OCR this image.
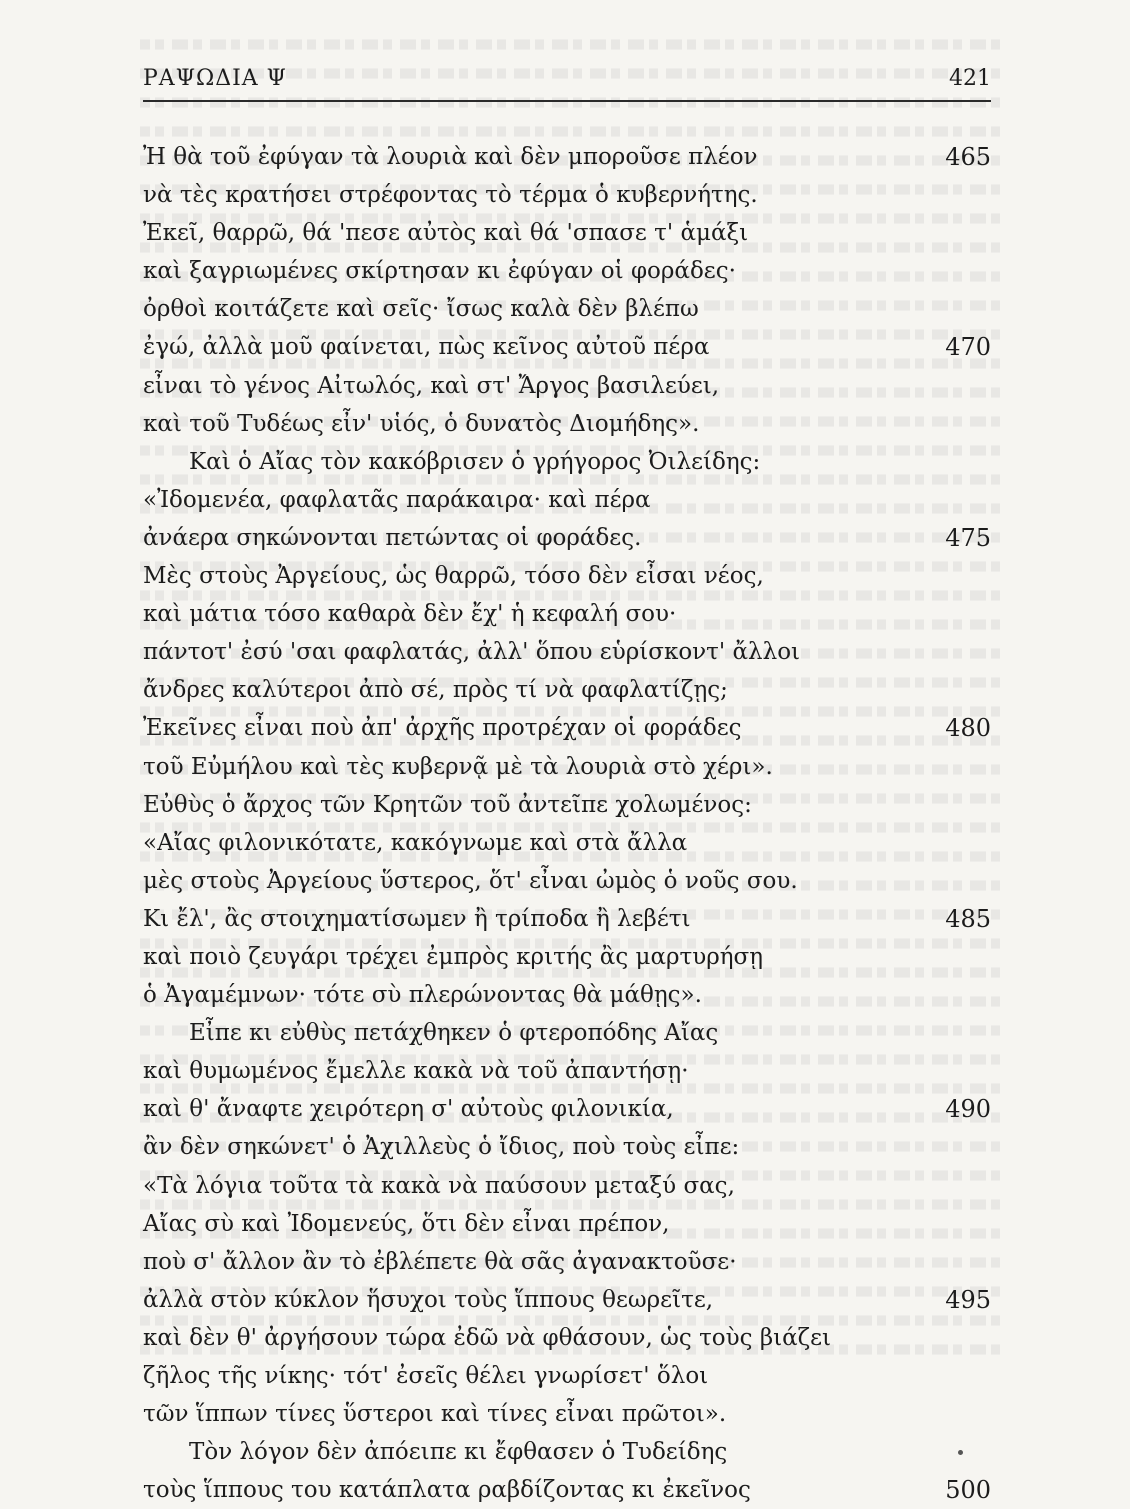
ΡΑΨΩΔΙΑ Ψ	421
Ἠ θὰ τοῦ ἐφύγαν τὰ λουριὰ καὶ δὲν μποροῦσε πλέον	465
νὰ τὲς κρατήσει στρέφοντας τὸ τέρμα ὁ κυβερνήτης.
Ἐκεῖ, θαρρῶ, θά 'πεσε αὐτὸς καὶ θά 'σπασε τ' ἁμάξι
καὶ ξαγριωμένες σκίρτησαν κι ἐφύγαν οἱ φοράδες·
ὀρθοὶ κοιτάζετε καὶ σεῖς· ἴσως καλὰ δὲν βλέπω
ἐγώ, ἀλλὰ μοῦ φαίνεται, πὼς κεῖνος αὐτοῦ πέρα	470
εἶναι τὸ γένος Αἰτωλός, καὶ στ' Ἄργος βασιλεύει,
καὶ τοῦ Τυδέως εἶν' υἱός, ὁ δυνατὸς Διομήδης».
Καὶ ὁ Αἴας τὸν κακόβρισεν ὁ γρήγορος Ὀιλείδης:
«Ἰδομενέα, φαφλατᾶς παράκαιρα· καὶ πέρα
ἀνάερα σηκώνονται πετώντας οἱ φοράδες.	475
Μὲς στοὺς Ἀργείους, ὡς θαρρῶ, τόσο δὲν εἶσαι νέος,
καὶ μάτια τόσο καθαρὰ δὲν ἔχ' ἡ κεφαλή σου·
πάντοτ' ἐσύ 'σαι φαφλατάς, ἀλλ' ὅπου εὑρίσκοντ' ἄλλοι
ἄνδρες καλύτεροι ἀπὸ σέ, πρὸς τί νὰ φαφλατίζῃς;
Ἐκεῖνες εἶναι ποὺ ἀπ' ἀρχῆς προτρέχαν οἱ φοράδες	480
τοῦ Εὐμήλου καὶ τὲς κυβερνᾷ μὲ τὰ λουριὰ στὸ χέρι».
Εὐθὺς ὁ ἄρχος τῶν Κρητῶν τοῦ ἀντεῖπε χολωμένος:
«Αἴας φιλονικότατε, κακόγνωμε καὶ στὰ ἄλλα
μὲς στοὺς Ἀργείους ὕστερος, ὅτ' εἶναι ὠμὸς ὁ νοῦς σου.
Κι ἔλ', ἂς στοιχηματίσωμεν ἢ τρίποδα ἢ λεβέτι	485
καὶ ποιὸ ζευγάρι τρέχει ἐμπρὸς κριτής ἂς μαρτυρήσῃ
ὁ Ἀγαμέμνων· τότε σὺ πλερώνοντας θὰ μάθῃς».
Εἶπε κι εὐθὺς πετάχθηκεν ὁ φτεροπόδης Αἴας
καὶ θυμωμένος ἔμελλε κακὰ νὰ τοῦ ἀπαντήσῃ·
καὶ θ' ἄναφτε χειρότερη σ' αὐτοὺς φιλονικία,	490
ἂν δὲν σηκώνετ' ὁ Ἀχιλλεὺς ὁ ἴδιος, ποὺ τοὺς εἶπε:
«Τὰ λόγια τοῦτα τὰ κακὰ νὰ παύσουν μεταξύ σας,
Αἴας σὺ καὶ Ἰδομενεύς, ὅτι δὲν εἶναι πρέπον,
ποὺ σ' ἄλλον ἂν τὸ ἐβλέπετε θὰ σᾶς ἀγανακτοῦσε·
ἀλλὰ στὸν κύκλον ἥσυχοι τοὺς ἵππους θεωρεῖτε,	495
καὶ δὲν θ' ἀργήσουν τώρα ἐδῶ νὰ φθάσουν, ὡς τοὺς βιάζει
ζῆλος τῆς νίκης· τότ' ἐσεῖς θέλει γνωρίσετ' ὅλοι
τῶν ἵππων τίνες ὕστεροι καὶ τίνες εἶναι πρῶτοι».
Τὸν λόγον δὲν ἀπόειπε κι ἔφθασεν ὁ Τυδείδης
τοὺς ἵππους του κατάπλατα ραβδίζοντας κι ἐκεῖνος	500
